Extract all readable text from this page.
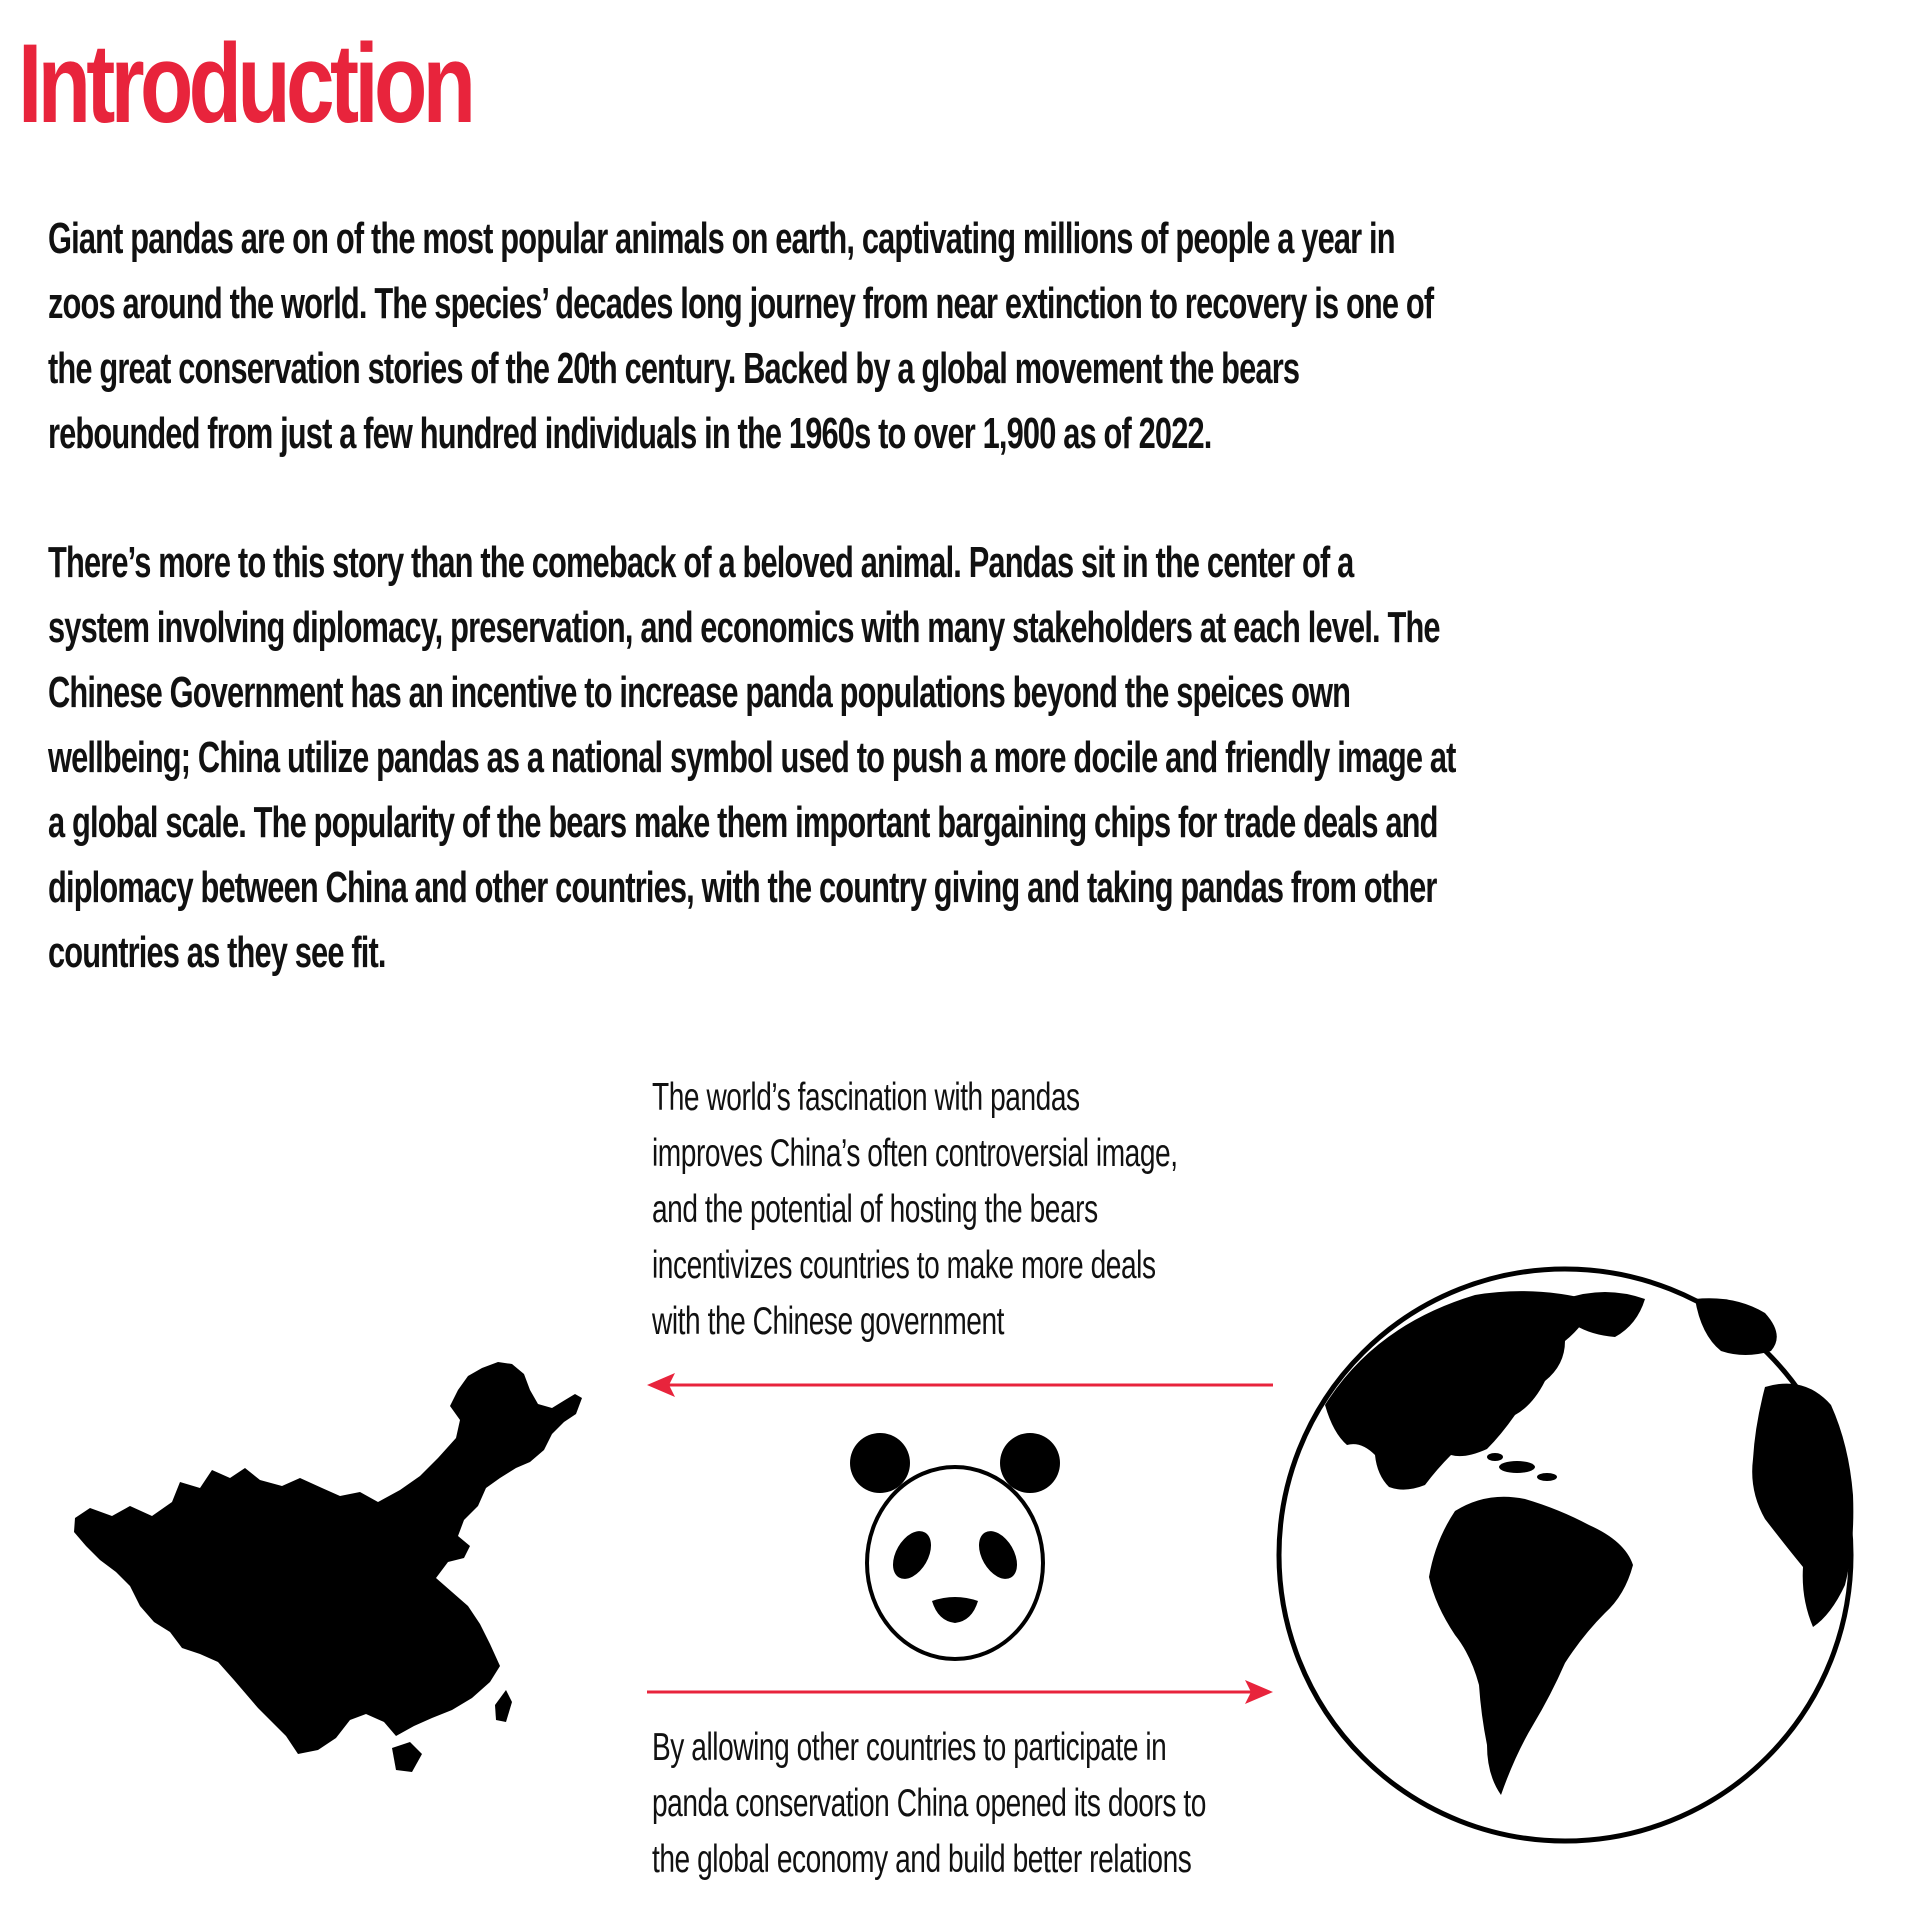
Introduction

Giant pandas are on of the most popular animals on earth, captivating millions of people a year in
zoos around the world. The species’ decades long journey from near extinction to recovery is one of
the great conservation stories of the 20th century. Backed by a global movement the bears
rebounded from just a few hundred individuals in the 1960s to over 1,900 as of 2022.

There’s more to this story than the comeback of a beloved animal. Pandas sit in the center of a
system involving diplomacy, preservation, and economics with many stakeholders at each level. The
Chinese Government has an incentive to increase panda populations beyond the speices own
wellbeing; China utilize pandas as a national symbol used to push a more docile and friendly image at
a global scale. The popularity of the bears make them important bargaining chips for trade deals and
diplomacy between China and other countries, with the country giving and taking pandas from other
countries as they see fit.

The world’s fascination with pandas
improves China’s often controversial image,
and the potential of hosting the bears
incentivizes countries to make more deals
with the Chinese government

By allowing other countries to participate in
panda conservation China opened its doors to
the global economy and build better relations
